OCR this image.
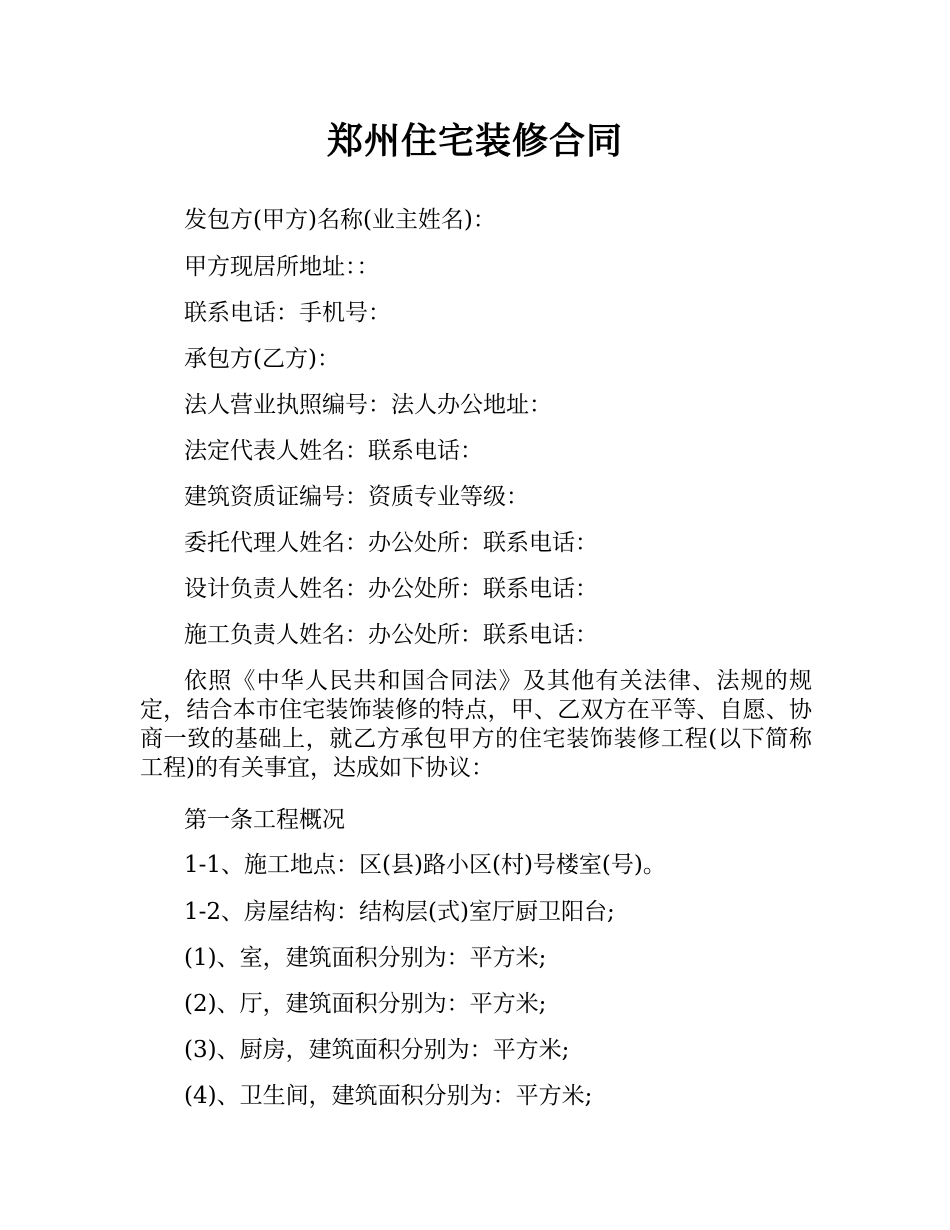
郑州住宅装修合同
发包方(甲方)名称(业主姓名)：
甲方现居所地址：：
联系电话：手机号：
承包方(乙方)：
法人营业执照编号：法人办公地址：
法定代表人姓名：联系电话：
建筑资质证编号：资质专业等级：
委托代理人姓名：办公处所：联系电话：
设计负责人姓名：办公处所：联系电话：
施工负责人姓名：办公处所：联系电话：
依照《中华人民共和国合同法》及其他有关法律、法规的规定，结合本市住宅装饰装修的特点，甲、乙双方在平等、自愿、协商一致的基础上，就乙方承包甲方的住宅装饰装修工程(以下简称工程)的有关事宜，达成如下协议：
第一条工程概况
1-1、施工地点：区(县)路小区(村)号楼室(号)。
1-2、房屋结构：结构层(式)室厅厨卫阳台;
(1)、室，建筑面积分别为：平方米;
(2)、厅，建筑面积分别为：平方米;
(3)、厨房，建筑面积分别为：平方米;
(4)、卫生间，建筑面积分别为：平方米;
